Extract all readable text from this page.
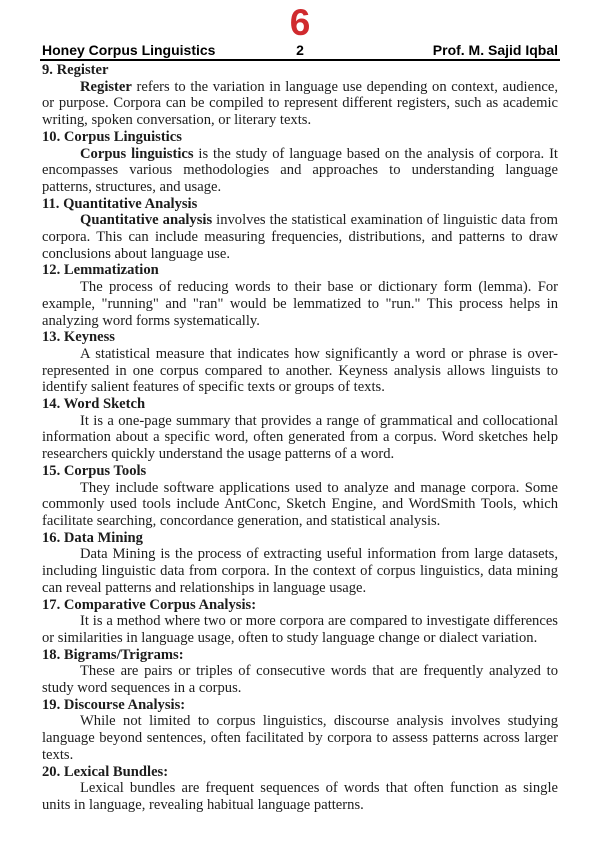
6
Honey Corpus Linguistics	2	Prof. M. Sajid Iqbal
9. Register

Register refers to the variation in language use depending on context, audience, or purpose. Corpora can be compiled to represent different registers, such as academic writing, spoken conversation, or literary texts.

10. Corpus Linguistics

Corpus linguistics is the study of language based on the analysis of corpora. It encompasses various methodologies and approaches to understanding language patterns, structures, and usage.

11. Quantitative Analysis

Quantitative analysis involves the statistical examination of linguistic data from corpora. This can include measuring frequencies, distributions, and patterns to draw conclusions about language use.

12. Lemmatization

The process of reducing words to their base or dictionary form (lemma). For example, "running" and "ran" would be lemmatized to "run." This process helps in analyzing word forms systematically.

13. Keyness

A statistical measure that indicates how significantly a word or phrase is over-represented in one corpus compared to another. Keyness analysis allows linguists to identify salient features of specific texts or groups of texts.

14. Word Sketch

It is a one-page summary that provides a range of grammatical and collocational information about a specific word, often generated from a corpus. Word sketches help researchers quickly understand the usage patterns of a word.

15. Corpus Tools

They include software applications used to analyze and manage corpora. Some commonly used tools include AntConc, Sketch Engine, and WordSmith Tools, which facilitate searching, concordance generation, and statistical analysis.

16. Data Mining

Data Mining is the process of extracting useful information from large datasets, including linguistic data from corpora. In the context of corpus linguistics, data mining can reveal patterns and relationships in language usage.

17. Comparative Corpus Analysis:

It is a method where two or more corpora are compared to investigate differences or similarities in language usage, often to study language change or dialect variation.

18. Bigrams/Trigrams:

These are pairs or triples of consecutive words that are frequently analyzed to study word sequences in a corpus.

19. Discourse Analysis:

While not limited to corpus linguistics, discourse analysis involves studying language beyond sentences, often facilitated by corpora to assess patterns across larger texts.

20. Lexical Bundles:

Lexical bundles are frequent sequences of words that often function as single units in language, revealing habitual language patterns.
